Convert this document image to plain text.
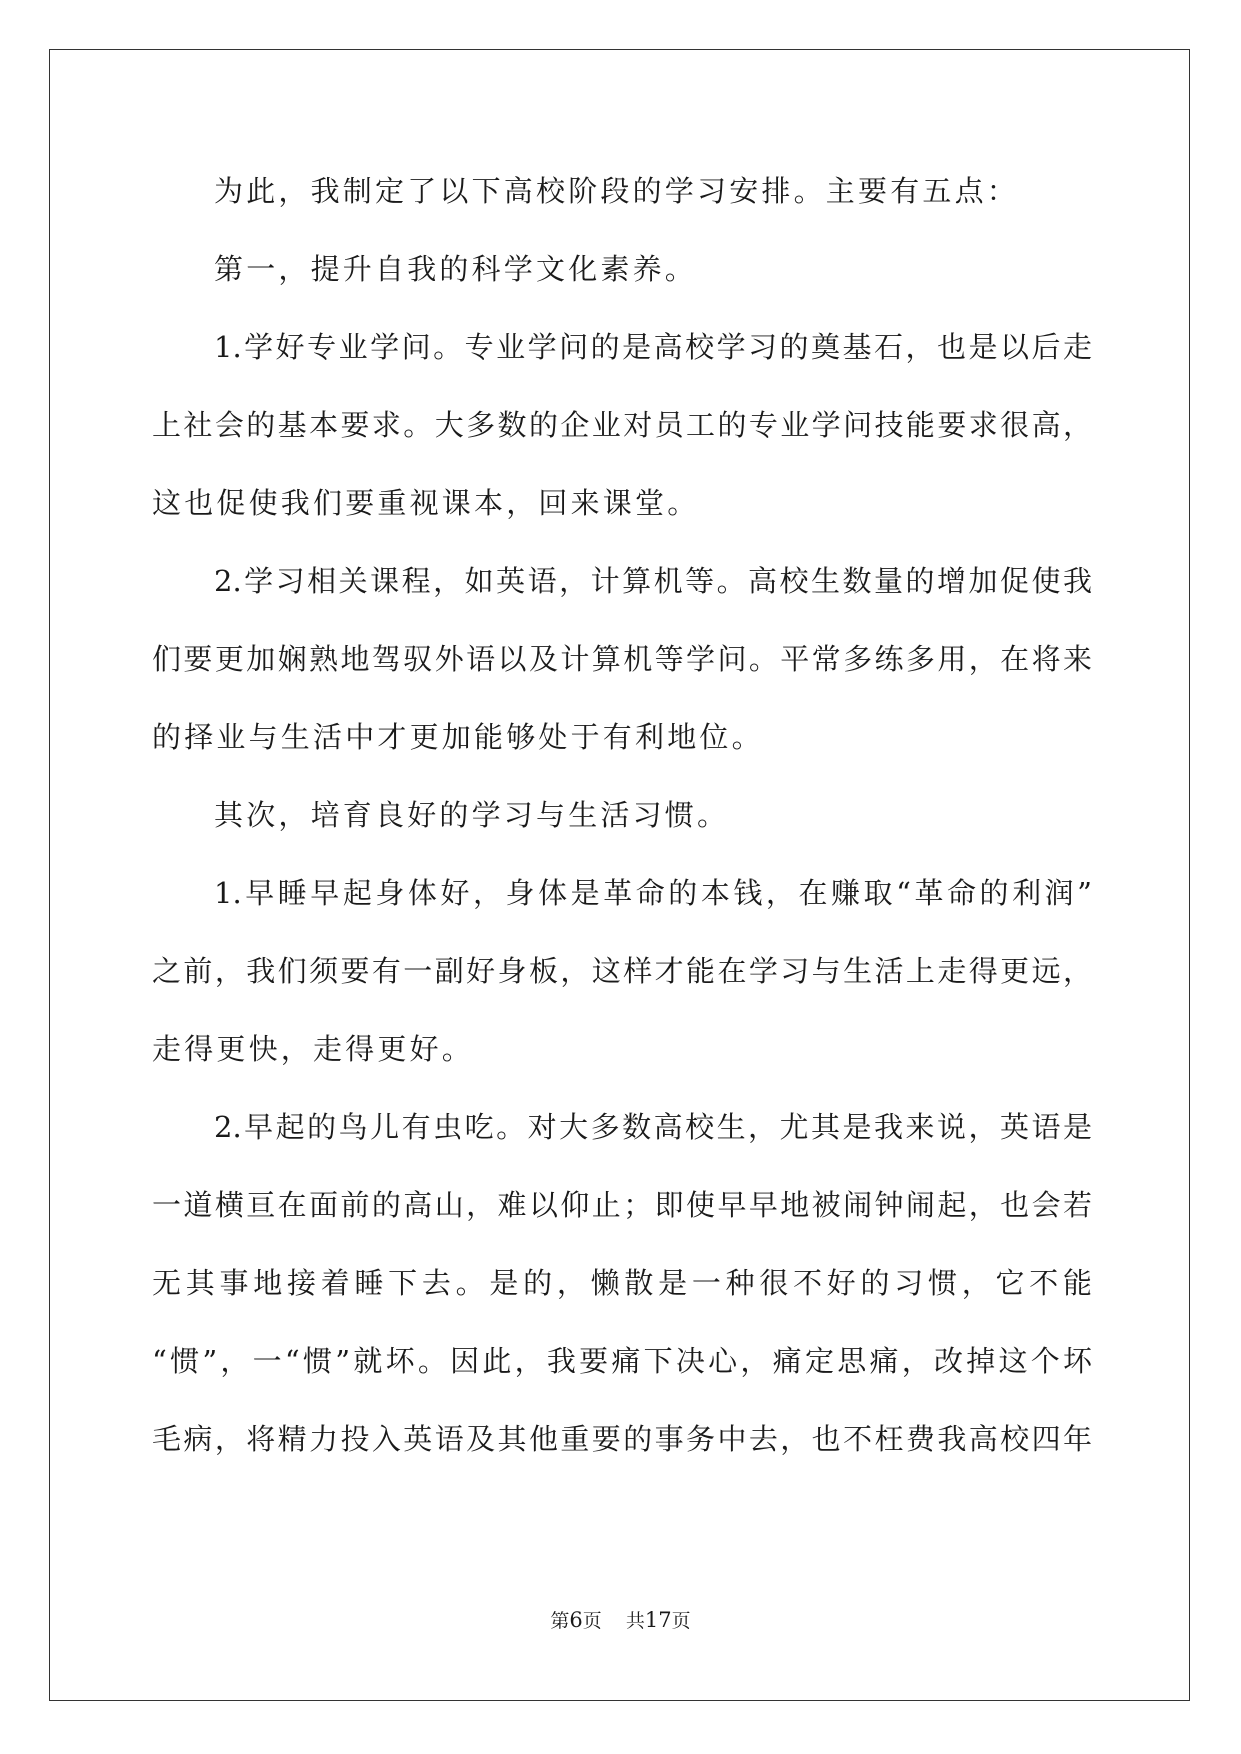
为此，我制定了以下高校阶段的学习安排。主要有五点：
第一，提升自我的科学文化素养。
1.学好专业学问。专业学问的是高校学习的奠基石，也是以后走
上社会的基本要求。大多数的企业对员工的专业学问技能要求很高，
这也促使我们要重视课本，回来课堂。
2.学习相关课程，如英语，计算机等。高校生数量的增加促使我
们要更加娴熟地驾驭外语以及计算机等学问。平常多练多用，在将来
的择业与生活中才更加能够处于有利地位。
其次，培育良好的学习与生活习惯。
1.早睡早起身体好，身体是革命的本钱，在赚取“革命的利润”
之前，我们须要有一副好身板，这样才能在学习与生活上走得更远，
走得更快，走得更好。
2.早起的鸟儿有虫吃。对大多数高校生，尤其是我来说，英语是
一道横亘在面前的高山，难以仰止；即使早早地被闹钟闹起，也会若
无其事地接着睡下去。是的，懒散是一种很不好的习惯，它不能
“惯”，一“惯”就坏。因此，我要痛下决心，痛定思痛，改掉这个坏
毛病，将精力投入英语及其他重要的事务中去，也不枉费我高校四年
第6页 共17页
